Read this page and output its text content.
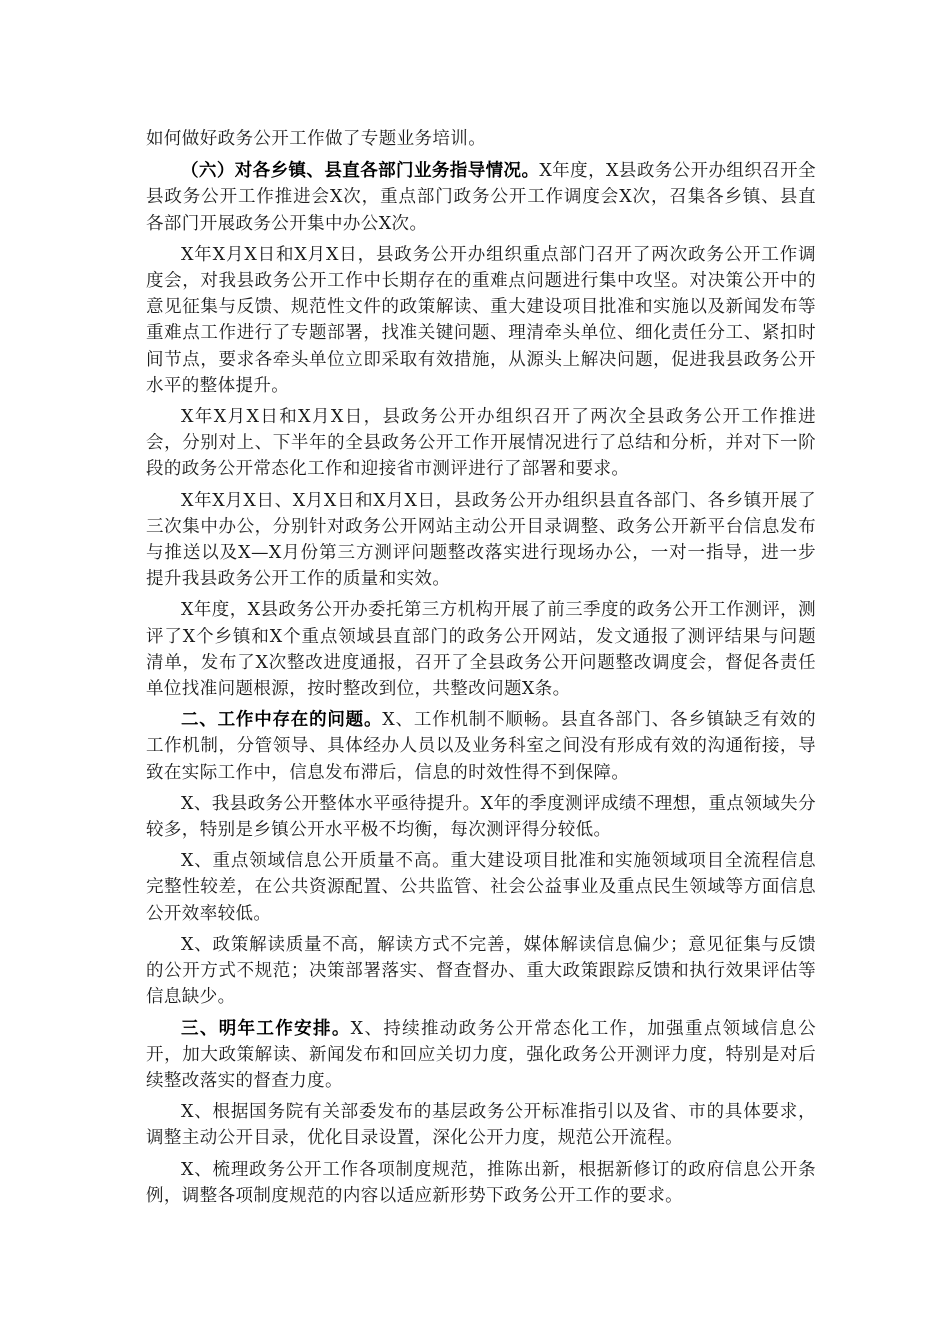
如何做好政务公开工作做了专题业务培训。

（六）对各乡镇、县直各部门业务指导情况。X年度，X县政务公开办组织召开全县政务公开工作推进会X次，重点部门政务公开工作调度会X次，召集各乡镇、县直各部门开展政务公开集中办公X次。

X年X月X日和X月X日，县政务公开办组织重点部门召开了两次政务公开工作调度会，对我县政务公开工作中长期存在的重难点问题进行集中攻坚。对决策公开中的意见征集与反馈、规范性文件的政策解读、重大建设项目批准和实施以及新闻发布等重难点工作进行了专题部署，找准关键问题、理清牵头单位、细化责任分工、紧扣时间节点，要求各牵头单位立即采取有效措施，从源头上解决问题，促进我县政务公开水平的整体提升。

X年X月X日和X月X日，县政务公开办组织召开了两次全县政务公开工作推进会，分别对上、下半年的全县政务公开工作开展情况进行了总结和分析，并对下一阶段的政务公开常态化工作和迎接省市测评进行了部署和要求。

X年X月X日、X月X日和X月X日，县政务公开办组织县直各部门、各乡镇开展了三次集中办公，分别针对政务公开网站主动公开目录调整、政务公开新平台信息发布与推送以及X—X月份第三方测评问题整改落实进行现场办公，一对一指导，进一步提升我县政务公开工作的质量和实效。

X年度，X县政务公开办委托第三方机构开展了前三季度的政务公开工作测评，测评了X个乡镇和X个重点领域县直部门的政务公开网站，发文通报了测评结果与问题清单，发布了X次整改进度通报，召开了全县政务公开问题整改调度会，督促各责任单位找准问题根源，按时整改到位，共整改问题X条。

二、工作中存在的问题。X、工作机制不顺畅。县直各部门、各乡镇缺乏有效的工作机制，分管领导、具体经办人员以及业务科室之间没有形成有效的沟通衔接，导致在实际工作中，信息发布滞后，信息的时效性得不到保障。

X、我县政务公开整体水平亟待提升。X年的季度测评成绩不理想，重点领域失分较多，特别是乡镇公开水平极不均衡，每次测评得分较低。

X、重点领域信息公开质量不高。重大建设项目批准和实施领域项目全流程信息完整性较差，在公共资源配置、公共监管、社会公益事业及重点民生领域等方面信息公开效率较低。

X、政策解读质量不高，解读方式不完善，媒体解读信息偏少；意见征集与反馈的公开方式不规范；决策部署落实、督查督办、重大政策跟踪反馈和执行效果评估等信息缺少。

三、明年工作安排。X、持续推动政务公开常态化工作，加强重点领域信息公开，加大政策解读、新闻发布和回应关切力度，强化政务公开测评力度，特别是对后续整改落实的督查力度。

X、根据国务院有关部委发布的基层政务公开标准指引以及省、市的具体要求，调整主动公开目录，优化目录设置，深化公开力度，规范公开流程。

X、梳理政务公开工作各项制度规范，推陈出新，根据新修订的政府信息公开条例，调整各项制度规范的内容以适应新形势下政务公开工作的要求。
